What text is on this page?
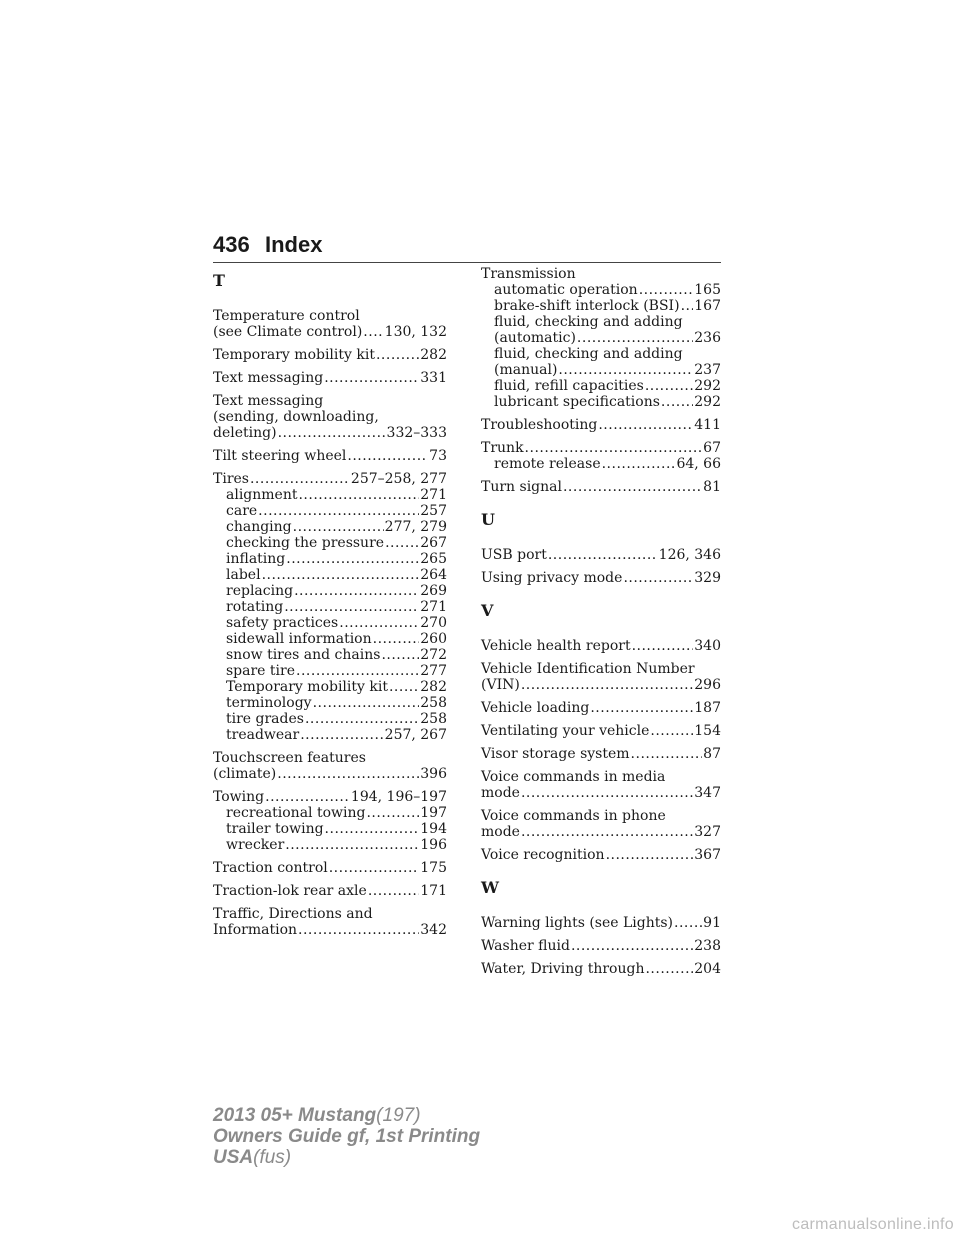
436 Index
T
Temperature control
(see Climate control) ..... 130, 132
Temporary mobility kit .....	282
Text messaging .....	331
Text messaging
(sending, downloading,
deleting) .....	332–333
Tilt steering wheel .....	73
Tires .....	257–258, 277
alignment .....	271
care .....	257
changing .....	277, 279
checking the pressure .....	267
inflating .....	265
label .....	264
replacing .....	269
rotating .....	271
safety practices .....	270
sidewall information .....	260
snow tires and chains .....	272
spare tire .....	277
Temporary mobility kit ..... 282
terminology .....	258
tire grades .....	258
treadwear .....	257, 267
Touchscreen features
(climate) .....	396
Towing .....	194, 196–197
recreational towing .....	197
trailer towing .....	194
wrecker .....	196
Traction control .....	175
Traction-lok rear axle .....	171
Traffic, Directions and
Information .....	342
Transmission
automatic operation .....	165
brake-shift interlock (BSI) ..... 167
fluid, checking and adding
(automatic) .....	236
fluid, checking and adding
(manual) .....	237
fluid, refill capacities .....	292
lubricant specifications ..... 292
Troubleshooting .....	411
Trunk .....	67
remote release .....	64, 66
Turn signal .....	81
U
USB port .....	126, 346
Using privacy mode .....	329
V
Vehicle health report .....	340
Vehicle Identification Number
(VIN) .....	296
Vehicle loading .....	187
Ventilating your vehicle .....	154
Visor storage system .....	87
Voice commands in media
mode .....	347
Voice commands in phone
mode .....	327
Voice recognition .....	367
W
Warning lights (see Lights) ..... 91
Washer fluid .....	238
Water, Driving through .....	204
2013 05+ Mustang(197)
Owners Guide gf, 1st Printing
USA(fus)
carmanualsonline.info
